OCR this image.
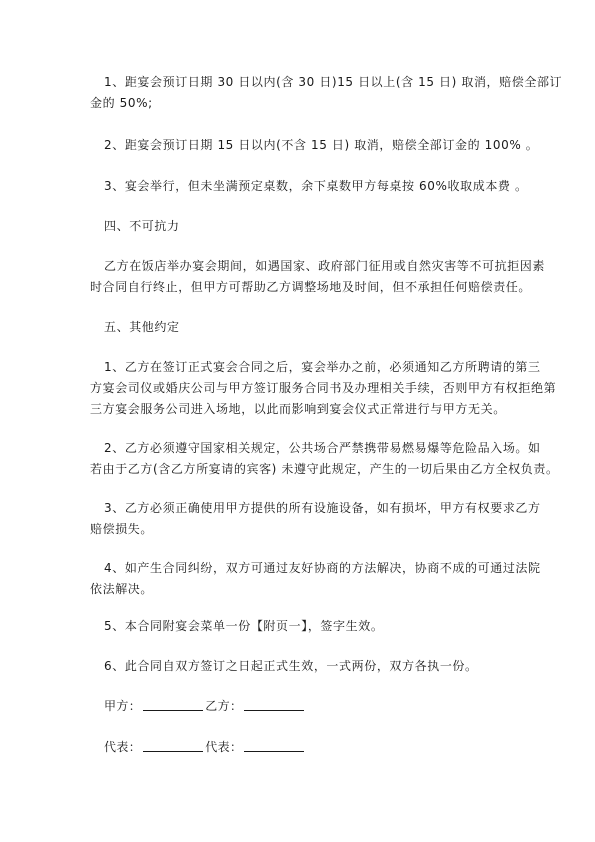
1、距宴会预订日期 30 日以内(含 30 日)15 日以上(含 15 日) 取消，赔偿全部订
金的 50%;
2、距宴会预订日期 15 日以内(不含 15 日) 取消，赔偿全部订金的 100% 。
3、宴会举行，但未坐满预定桌数，余下桌数甲方每桌按 60%收取成本费 。
四、不可抗力
乙方在饭店举办宴会期间，如遇国家、政府部门征用或自然灾害等不可抗拒因素
时合同自行终止，但甲方可帮助乙方调整场地及时间，但不承担任何赔偿责任。
五、其他约定
1、乙方在签订正式宴会合同之后，宴会举办之前，必须通知乙方所聘请的第三
方宴会司仪或婚庆公司与甲方签订服务合同书及办理相关手续，否则甲方有权拒绝第
三方宴会服务公司进入场地，以此而影响到宴会仪式正常进行与甲方无关。
2、乙方必须遵守国家相关规定，公共场合严禁携带易燃易爆等危险品入场。如
若由于乙方(含乙方所宴请的宾客) 未遵守此规定，产生的一切后果由乙方全权负责。
3、乙方必须正确使用甲方提供的所有设施设备，如有损坏，甲方有权要求乙方
赔偿损失。
4、如产生合同纠纷，双方可通过友好协商的方法解决，协商不成的可通过法院
依法解决。
5、本合同附宴会菜单一份【附页一】，签字生效。
6、此合同自双方签订之日起正式生效，一式两份，双方各执一份。
甲方：	乙方：
代表：	代表：
